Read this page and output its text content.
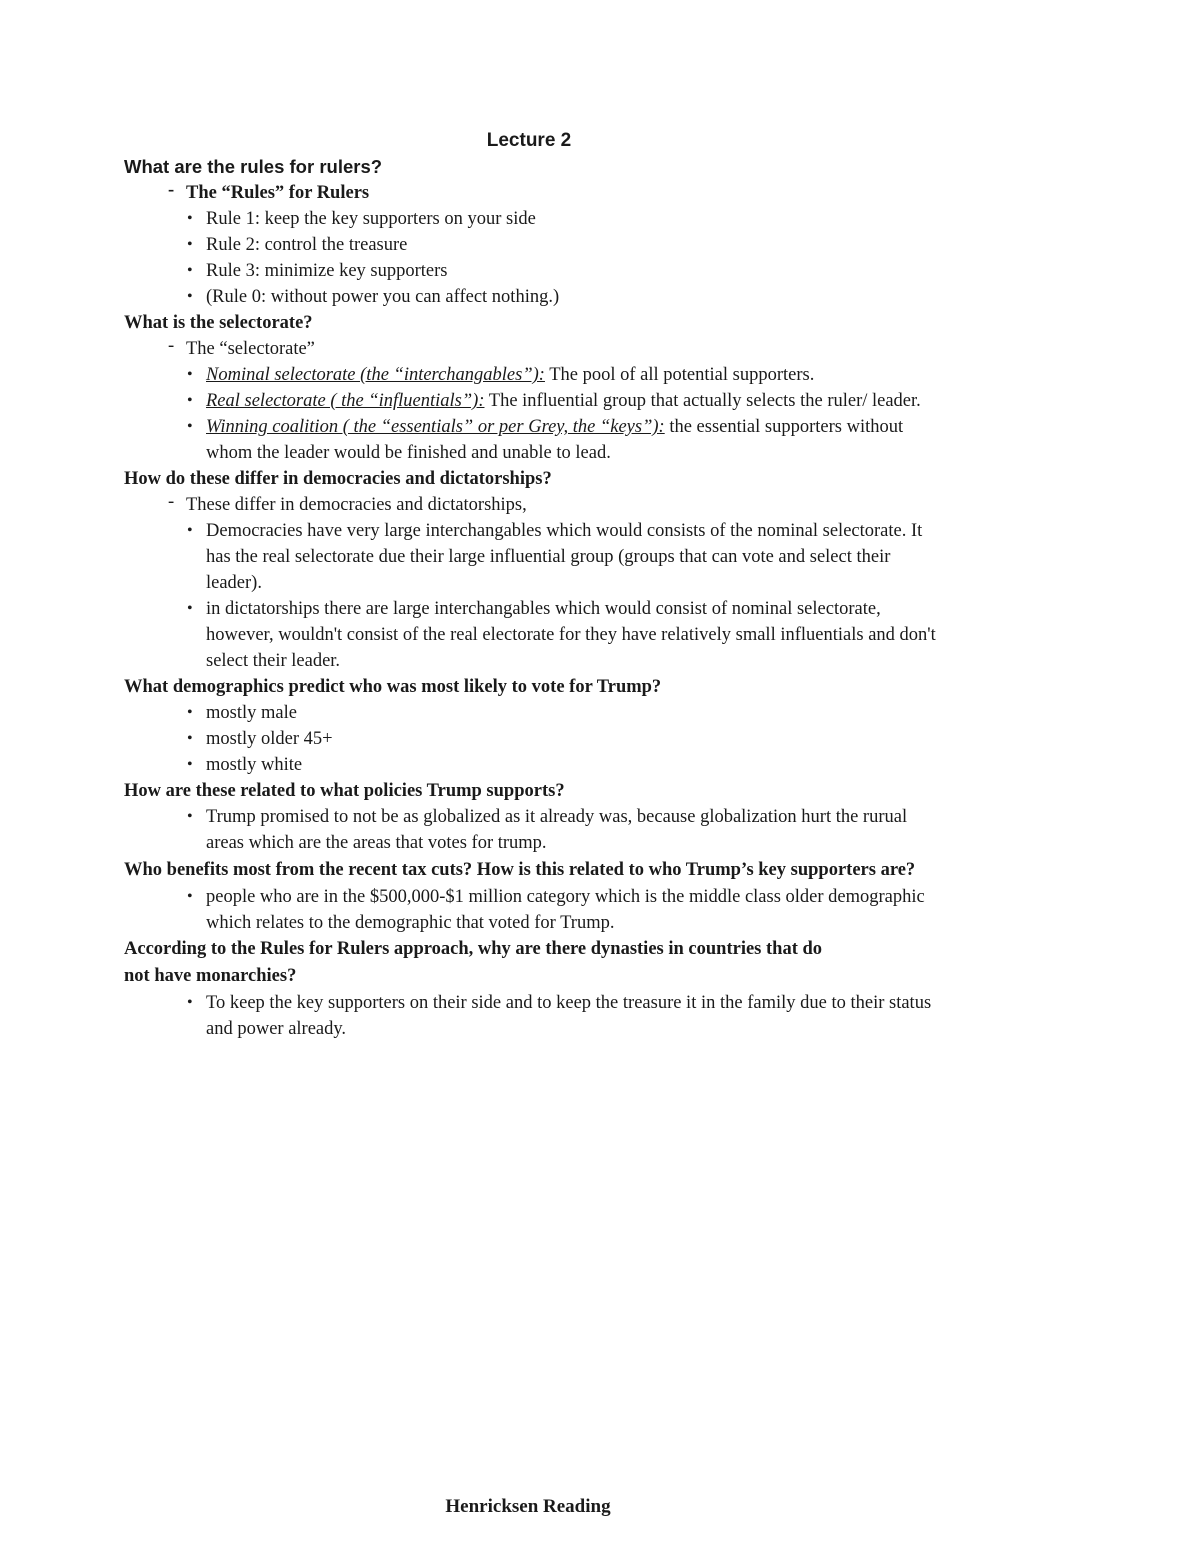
Lecture 2

What are the rules for rulers?

- The “Rules” for Rulers

• Rule 1: keep the key supporters on your side
• Rule 2: control the treasure
• Rule 3: minimize key supporters
• (Rule 0: without power you can affect nothing.)

What is the selectorate?

- The “selectorate”

• Nominal selectorate (the “interchangables”): The pool of all potential supporters.
• Real selectorate ( the “influentials”): The influential group that actually selects the ruler/ leader.
• Winning coalition ( the “essentials” or per Grey, the “keys”): the essential supporters without whom the leader would be finished and unable to lead.

How do these differ in democracies and dictatorships?

- These differ in democracies and dictatorships,

• Democracies have very large interchangables which would consists of the nominal selectorate. It has the real selectorate due their large influential group (groups that can vote and select their leader).
• in dictatorships there are large interchangables which would consist of nominal selectorate, however, wouldn't consist of the real electorate for they have relatively small influentials and don't select their leader.

What demographics predict who was most likely to vote for Trump?

• mostly male
• mostly older 45+
• mostly white

How are these related to what policies Trump supports?

• Trump promised to not be as globalized as it already was, because globalization hurt the rurual areas which are the areas that votes for trump.

Who benefits most from the recent tax cuts? How is this related to who Trump’s key supporters are?

• people who are in the $500,000-$1 million category which is the middle class older demographic which relates to the demographic that voted for Trump.

According to the Rules for Rulers approach, why are there dynasties in countries that do not have monarchies?

• To keep the key supporters on their side and to keep the treasure it in the family due to their status and power already.

Henricksen Reading
